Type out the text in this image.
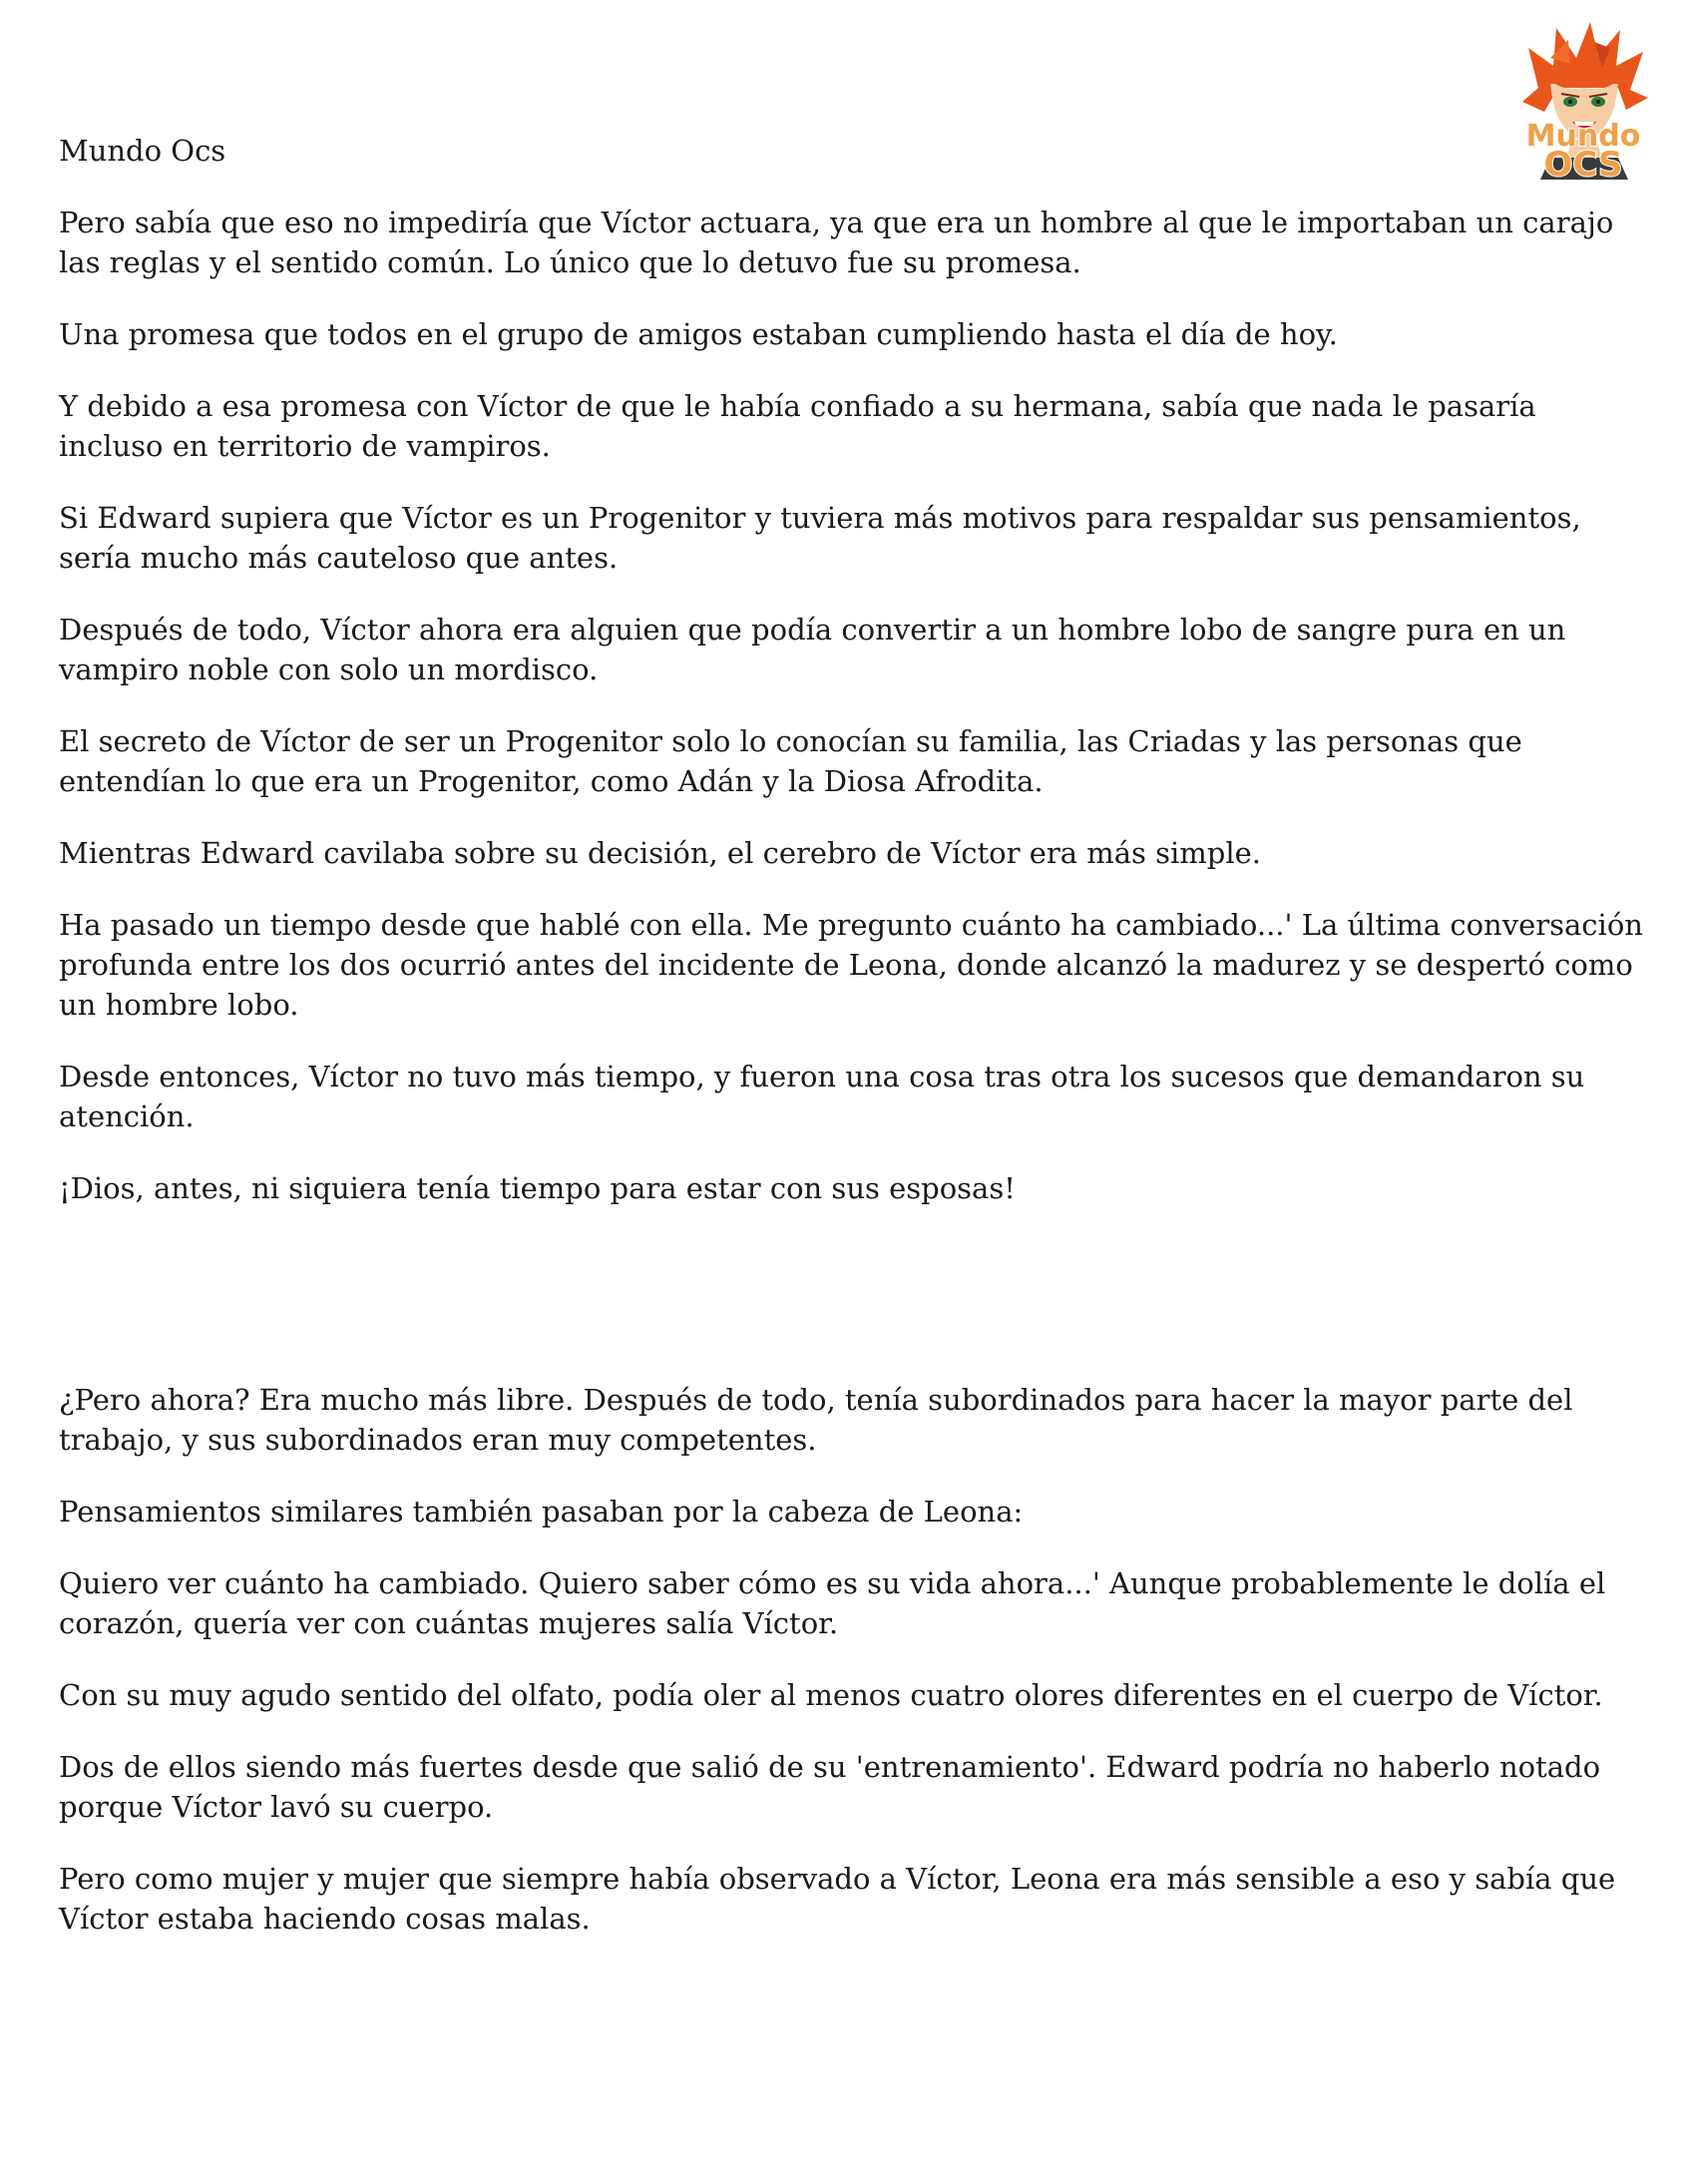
Mundo Ocs	Mundo
OCS

Pero sabía que eso no impediría que Víctor actuara, ya que era un hombre al que le importaban un carajo las reglas y el sentido común. Lo único que lo detuvo fue su promesa.

Una promesa que todos en el grupo de amigos estaban cumpliendo hasta el día de hoy.

Y debido a esa promesa con Víctor de que le había confiado a su hermana, sabía que nada le pasaría incluso en territorio de vampiros.

Si Edward supiera que Víctor es un Progenitor y tuviera más motivos para respaldar sus pensamientos, sería mucho más cauteloso que antes.

Después de todo, Víctor ahora era alguien que podía convertir a un hombre lobo de sangre pura en un vampiro noble con solo un mordisco.

El secreto de Víctor de ser un Progenitor solo lo conocían su familia, las Criadas y las personas que entendían lo que era un Progenitor, como Adán y la Diosa Afrodita.

Mientras Edward cavilaba sobre su decisión, el cerebro de Víctor era más simple.

Ha pasado un tiempo desde que hablé con ella. Me pregunto cuánto ha cambiado...' La última conversación profunda entre los dos ocurrió antes del incidente de Leona, donde alcanzó la madurez y se despertó como un hombre lobo.

Desde entonces, Víctor no tuvo más tiempo, y fueron una cosa tras otra los sucesos que demandaron su atención.

¡Dios, antes, ni siquiera tenía tiempo para estar con sus esposas!

¿Pero ahora? Era mucho más libre. Después de todo, tenía subordinados para hacer la mayor parte del trabajo, y sus subordinados eran muy competentes.

Pensamientos similares también pasaban por la cabeza de Leona:

Quiero ver cuánto ha cambiado. Quiero saber cómo es su vida ahora...' Aunque probablemente le dolía el corazón, quería ver con cuántas mujeres salía Víctor.

Con su muy agudo sentido del olfato, podía oler al menos cuatro olores diferentes en el cuerpo de Víctor.

Dos de ellos siendo más fuertes desde que salió de su 'entrenamiento'. Edward podría no haberlo notado porque Víctor lavó su cuerpo.

Pero como mujer y mujer que siempre había observado a Víctor, Leona era más sensible a eso y sabía que Víctor estaba haciendo cosas malas.
